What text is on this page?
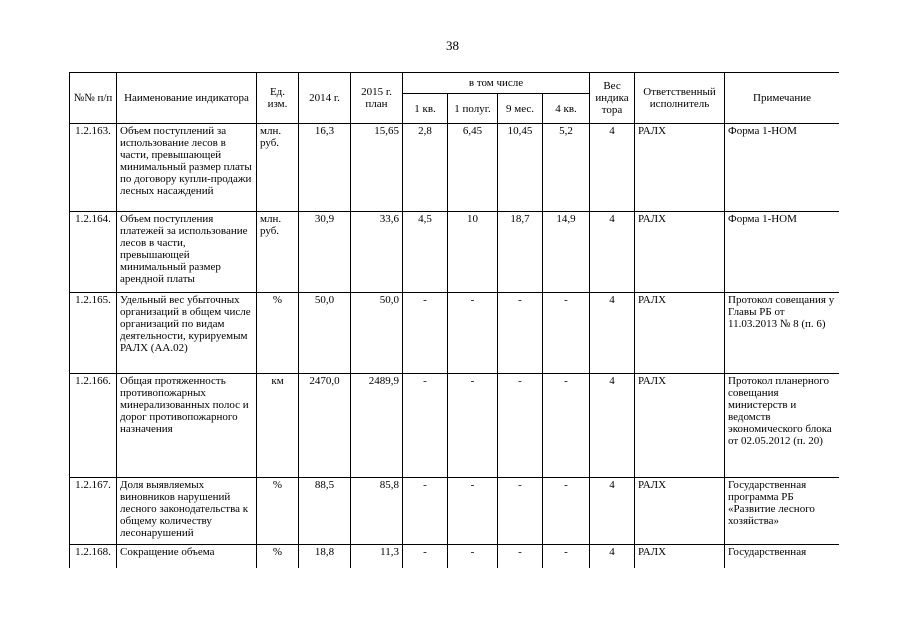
38
№№ п/п	Наименование индикатора	Ед. изм.	2014 г.	2015 г. план	в том числе				Вес индика тора	Ответственный исполнитель	Примечание
					1 кв.	1 полуг.	9 мес.	4 кв.			
1.2.163.	Объем поступлений за использование лесов в части, превышающей минимальный размер платы по договору купли-продажи лесных насаждений	млн. руб.	16,3	15,65	2,8	6,45	10,45	5,2	4	РАЛХ	Форма 1-НОМ
1.2.164.	Объем поступления платежей за использование лесов в части, превышающей минимальный размер арендной платы	млн. руб.	30,9	33,6	4,5	10	18,7	14,9	4	РАЛХ	Форма 1-НОМ
1.2.165.	Удельный вес убыточных организаций в общем числе организаций по видам деятельности, курируемым РАЛХ (АА.02)	%	50,0	50,0	-	-	-	-	4	РАЛХ	Протокол совещания у Главы РБ от 11.03.2013 № 8 (п. 6)
1.2.166.	Общая протяженность противопожарных минерализованных полос и дорог противопожарного назначения	км	2470,0	2489,9	-	-	-	-	4	РАЛХ	Протокол планерного совещания министерств и ведомств экономического блока от 02.05.2012 (п. 20)
1.2.167.	Доля выявляемых виновников нарушений лесного законодательства к общему количеству лесонарушений	%	88,5	85,8	-	-	-	-	4	РАЛХ	Государственная программа РБ «Развитие лесного хозяйства»
1.2.168.	Сокращение объема	%	18,8	11,3	-	-	-	-	4	РАЛХ	Государственная
